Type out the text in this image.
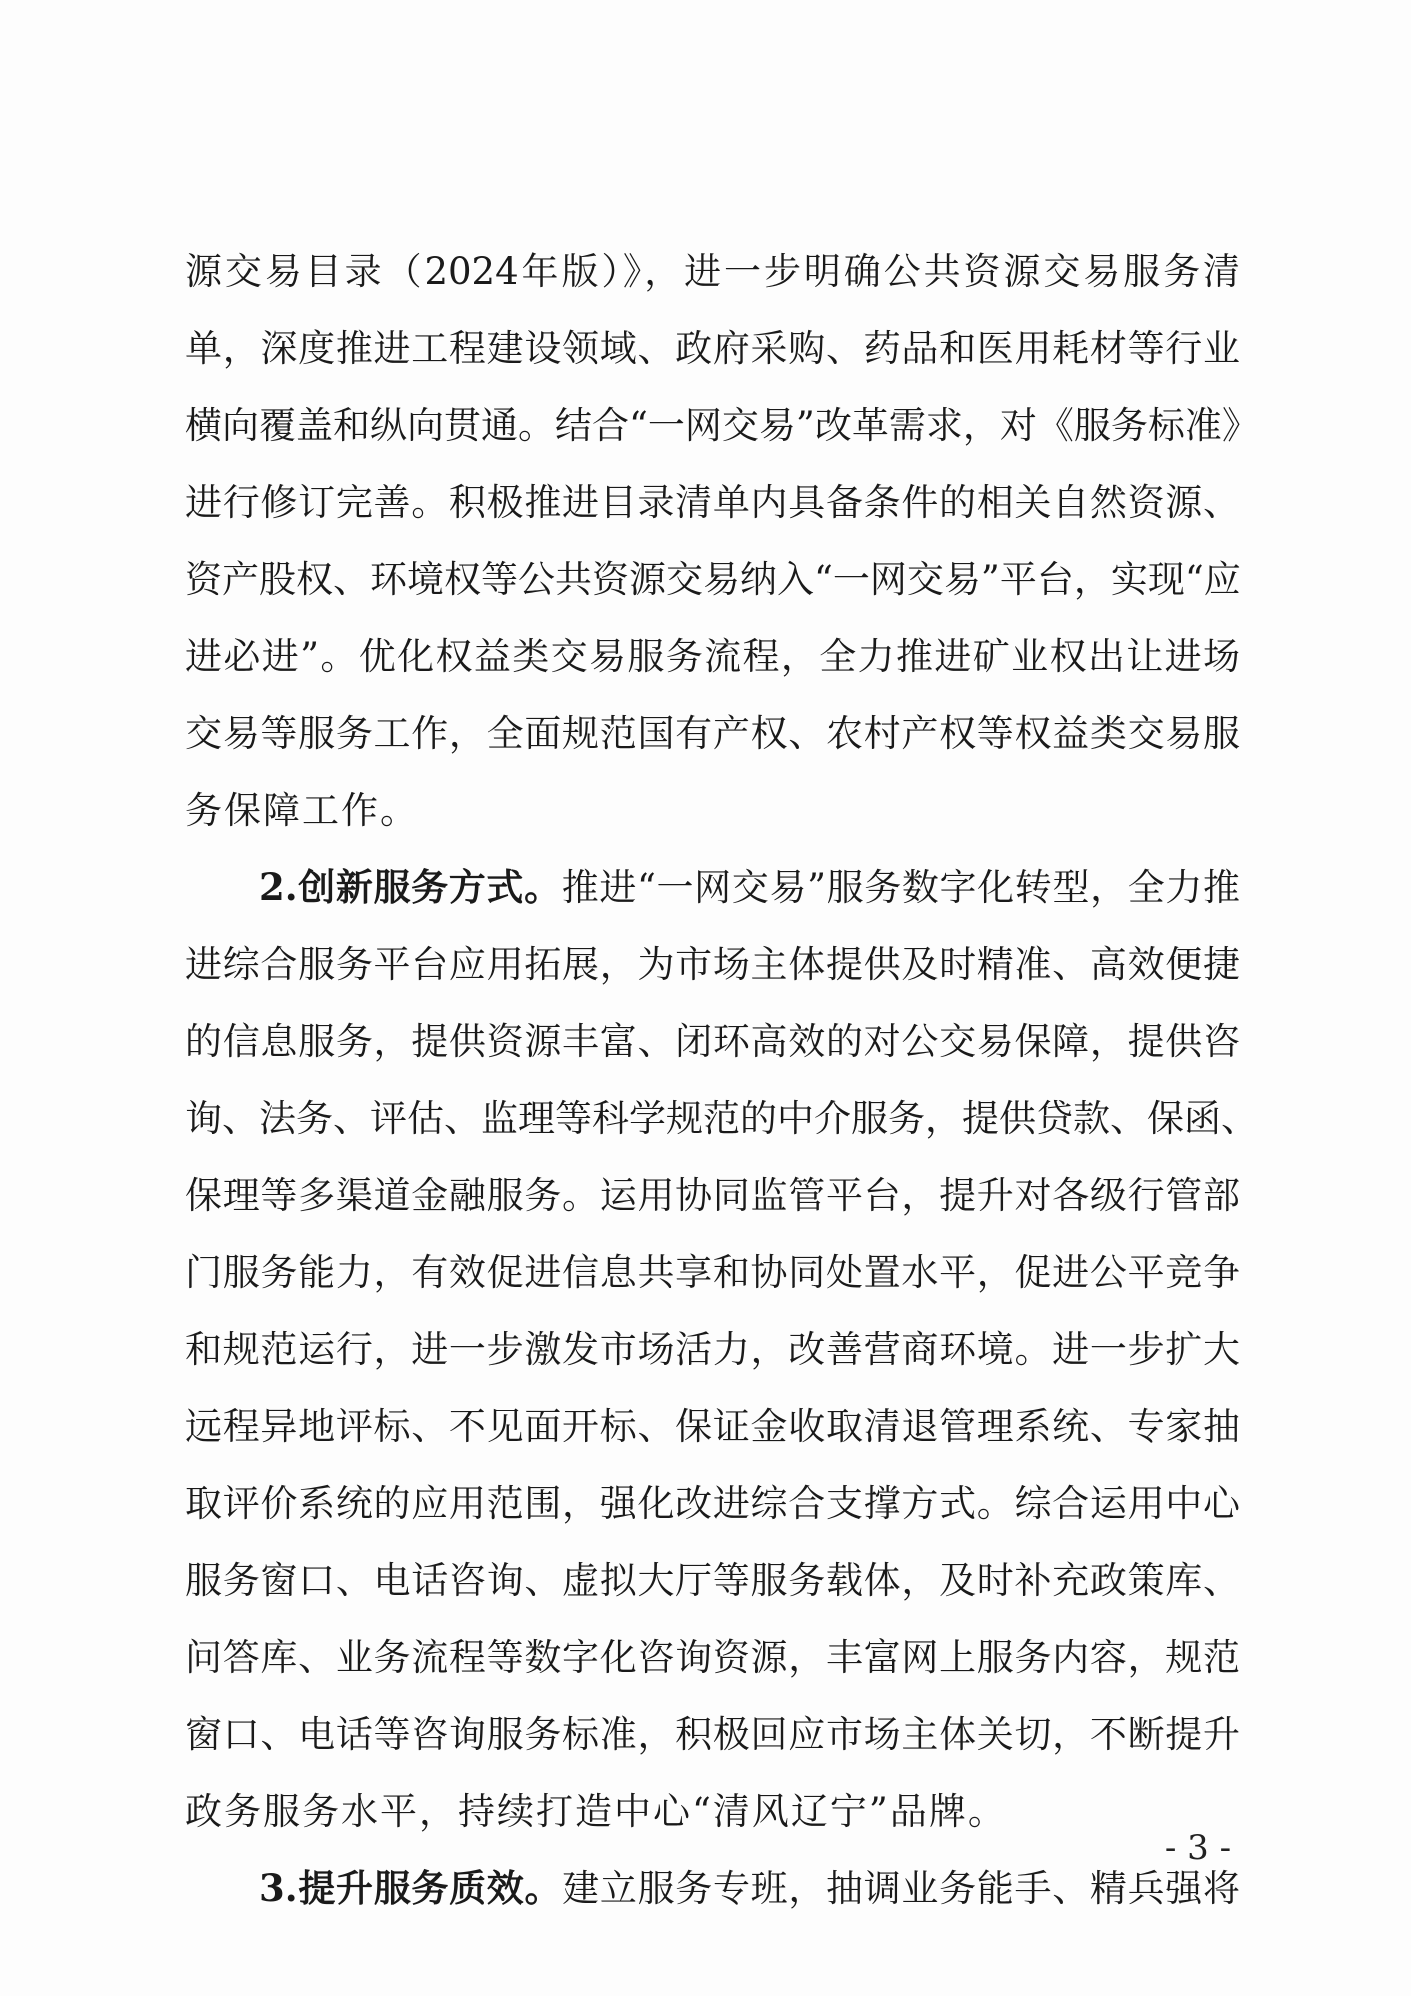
源交易目录（2024年版）》，进一步明确公共资源交易服务清
单，深度推进工程建设领域、政府采购、药品和医用耗材等行业
横向覆盖和纵向贯通。结合“一网交易”改革需求，对《服务标准》
进行修订完善。积极推进目录清单内具备条件的相关自然资源、
资产股权、环境权等公共资源交易纳入“一网交易”平台，实现“应
进必进”。优化权益类交易服务流程，全力推进矿业权出让进场
交易等服务工作，全面规范国有产权、农村产权等权益类交易服
务保障工作。
2.创新服务方式。推进“一网交易”服务数字化转型，全力推
进综合服务平台应用拓展，为市场主体提供及时精准、高效便捷
的信息服务，提供资源丰富、闭环高效的对公交易保障，提供咨
询、法务、评估、监理等科学规范的中介服务，提供贷款、保函、
保理等多渠道金融服务。运用协同监管平台，提升对各级行管部
门服务能力，有效促进信息共享和协同处置水平，促进公平竞争
和规范运行，进一步激发市场活力，改善营商环境。进一步扩大
远程异地评标、不见面开标、保证金收取清退管理系统、专家抽
取评价系统的应用范围，强化改进综合支撑方式。综合运用中心
服务窗口、电话咨询、虚拟大厅等服务载体，及时补充政策库、
问答库、业务流程等数字化咨询资源，丰富网上服务内容，规范
窗口、电话等咨询服务标准，积极回应市场主体关切，不断提升
政务服务水平，持续打造中心“清风辽宁”品牌。
3.提升服务质效。建立服务专班，抽调业务能手、精兵强将
- 3 -
